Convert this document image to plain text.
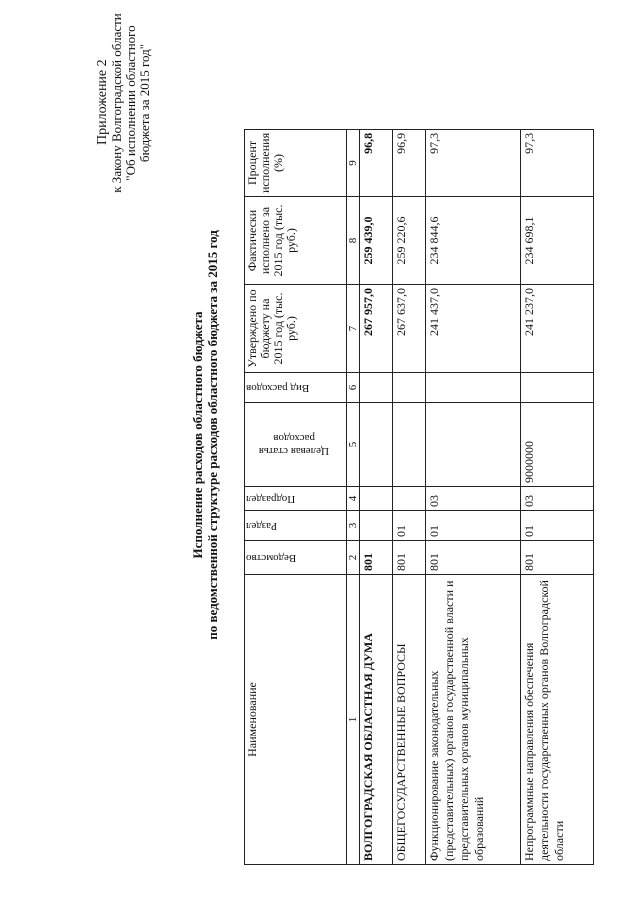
Приложение 2 к Закону Волгоградской области "Об исполнении областного бюджета за 2015 год"
Исполнение расходов областного бюджета по ведомственной структуре расходов областного бюджета за 2015 год
Наименование	Ведомство	Раздел	Подраздел	Целевая статья расходов	Вид расходов	Утверждено по бюджету на 2015 год (тыс. руб.)	Фактически исполнено за 2015 год (тыс. руб.)	Процент исполнения (%)
1	2	3	4	5	6	7	8	9
ВОЛГОГРАДСКАЯ ОБЛАСТНАЯ ДУМА	801					267 957,0	259 439,0	96,8
ОБЩЕГОСУДАРСТВЕННЫЕ ВОПРОСЫ	801	01				267 637,0	259 220,6	96,9
Функционирование законодательных (представительных) органов государственной власти и представительных органов муниципальных образований	801	01	03			241 437,0	234 844,6	97,3
Непрограммные направления обеспечения деятельности государственных органов Волгоградской области	801	01	03	9000000		241 237,0	234 698,1	97,3
